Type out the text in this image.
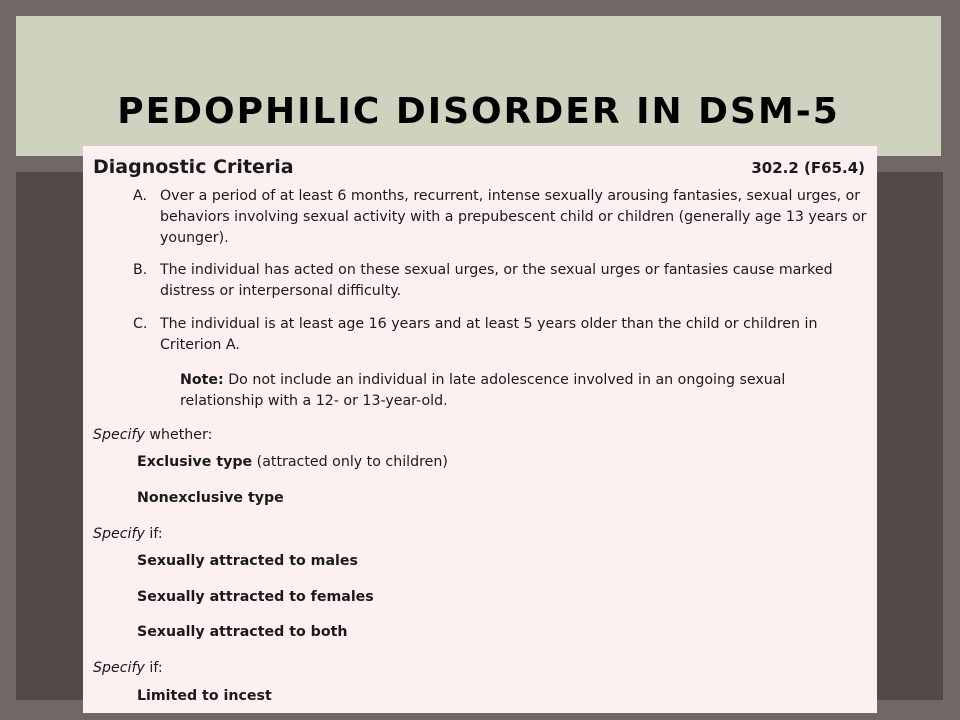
PEDOPHILIC DISORDER IN DSM-5
Diagnostic Criteria	302.2 (F65.4)
A. Over a period of at least 6 months, recurrent, intense sexually arousing fantasies, sexual urges, or behaviors involving sexual activity with a prepubescent child or children (generally age 13 years or younger).
B. The individual has acted on these sexual urges, or the sexual urges or fantasies cause marked distress or interpersonal difficulty.
C. The individual is at least age 16 years and at least 5 years older than the child or children in Criterion A.
Note: Do not include an individual in late adolescence involved in an ongoing sexual relationship with a 12- or 13-year-old.
Specify whether:
Exclusive type (attracted only to children)
Nonexclusive type
Specify if:
Sexually attracted to males
Sexually attracted to females
Sexually attracted to both
Specify if:
Limited to incest
